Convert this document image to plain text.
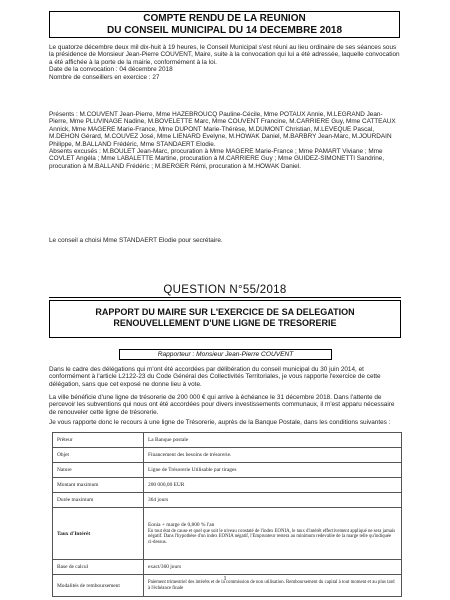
COMPTE RENDU DE LA REUNION
DU CONSEIL MUNICIPAL DU 14 DECEMBRE 2018

Le quatorze décembre deux mil dix-huit à 19 heures, le Conseil Municipal s'est réuni au lieu ordinaire de ses séances sous la présidence de Monsieur Jean-Pierre COUVENT, Maire, suite à la convocation qui lui a été adressée, laquelle convocation a été affichée à la porte de la mairie, conformément à la loi.

Date de la convocation : 04 décembre 2018

Nombre de conseillers en exercice : 27

Présents : M.COUVENT Jean-Pierre, Mme HAZEBROUCQ Pauline-Cécile, Mme POTAUX Annie, M.LEGRAND Jean-Pierre, Mme PLUVINAGE Nadine, M.BOVELETTE Marc, Mme COUVENT Francine, M.CARRIERE Guy, Mme CATTEAUX Annick, Mme MAGERE Marie-France, Mme DUPONT Marie-Thérèse, M.DUMONT Christian, M.LEVEQUE Pascal, M.DEHON Gérard, M.COUVEZ José, Mme LIENARD Evelyne, M.HOWAK Daniel, M.BARBRY Jean-Marc, M.JOURDAIN Philippe, M.BALLAND Frédéric, Mme STANDAERT Elodie.

Absents excusés : M.BOULET Jean-Marc, procuration à Mme MAGERE Marie-France ; Mme PAMART Viviane ; Mme COVLET Angéla ; Mme LABALETTE Martine, procuration à M.CARRIERE Guy ; Mme GUIDEZ-SIMONETTI Sandrine, procuration à M.BALLAND Frédéric ; M.BERGER Rémi, procuration à M.HOWAK Daniel.

Le conseil a choisi Mme STANDAERT Elodie pour secrétaire.
QUESTION N°55/2018
RAPPORT DU MAIRE SUR L'EXERCICE DE SA DELEGATION
RENOUVELLEMENT D'UNE LIGNE DE TRESORERIE
Rapporteur : Monsieur Jean-Pierre COUVENT
Dans le cadre des délégations qui m'ont été accordées par délibération du conseil municipal du 30 juin 2014, et conformément à l'article L2122-23 du Code Général des Collectivités Territoriales, je vous rapporte l'exercice de cette délégation, sans que cet exposé ne donne lieu à vote.
La ville bénéficie d'une ligne de trésorerie de 200 000 € qui arrive à échéance le 31 décembre 2018. Dans l'attente de percevoir les subventions qui nous ont été accordées pour divers investissements communaux, il m'est apparu nécessaire de renouveler cette ligne de trésorerie.
Je vous rapporte donc le recours à une ligne de Trésorerie, auprès de la Banque Postale, dans les conditions suivantes :
Prêteur	La Banque postale
Objet	Financement des besoins de trésorerie.
Nature	Ligne de Trésorerie Utilisable par tirages
Montant maximum	200 000,00 EUR
Durée maximum	364 jours
Taux d'Intérêt	Eonia + marge de 0,800 % l'an
En tout état de cause et quel que soit le niveau constaté de l'index EONIA, le taux d'intérêt effectivement appliqué ne sera jamais négatif. Dans l'hypothèse d'un index EONIA négatif, l'Emprunteur restera au minimum redevable de la marge telle qu'indiquée ci-dessus.

Base de calcul	exact/360 jours
Modalités de remboursement	Paiement trimestriel des intérêts et de la commission de non utilisation. Remboursement du capital à tout moment et au plus tard à l'échéance finale
1
